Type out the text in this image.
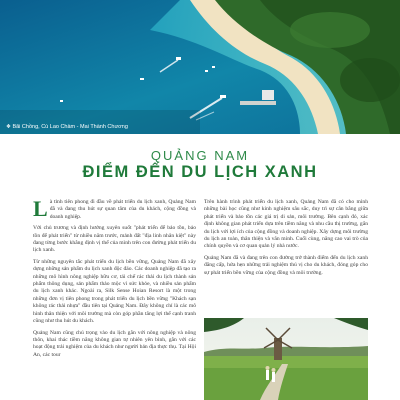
❖ Bãi Chồng, Cù Lao Chàm - Mai Thành Chương
QUẢNG NAM
ĐIỂM ĐẾN DU LỊCH XANH

Là tỉnh tiên phong đi đầu về phát triển du lịch xanh, Quảng Nam đã và đang thu hút sự quan tâm của du khách, cộng đồng và doanh nghiệp.

Với chủ trương và định hướng xuyên suốt "phát triển để bảo tồn, bảo tồn để phát triển" từ nhiều năm trước, mảnh đất "địa linh nhân kiệt" này đang từng bước khẳng định vị thế của mình trên con đường phát triển du lịch xanh.

Từ những nguyên tắc phát triển du lịch bền vững, Quảng Nam đã xây dựng những sản phẩm du lịch xanh độc đáo. Các doanh nghiệp đã tạo ra những mô hình nông nghiệp hữu cơ, tái chế rác thải du lịch thành sản phẩm thông dụng, sản phẩm thảo mộc vì sức khỏe, và nhiều sản phẩm du lịch xanh khác. Ngoài ra, Silk Sense Hoian Resort là một trong những đơn vị tiên phong trong phát triển du lịch bền vững "Khách sạn không rác thải nhựa" đầu tiên tại Quảng Nam. Đây không chỉ là các mô hình thân thiện với môi trường mà còn góp phần tăng lợi thế cạnh tranh cũng như thu hút du khách.

Quảng Nam cũng chú trọng vào du lịch gắn với nông nghiệp và nông thôn, khai thác tiềm năng không gian tự nhiên yên bình, gắn với các hoạt động trải nghiệm của du khách như người bản địa thực thụ. Tại Hội An, các tour

Trên hành trình phát triển du lịch xanh, Quảng Nam đã có cho mình những bài học cũng như kinh nghiệm sâu sắc, duy trì sự cân bằng giữa phát triển và bảo tồn các giá trị di sản, môi trường. Bên cạnh đó, xác định không gian phát triển dựa trên tiềm năng và nhu cầu thị trường, gắn du lịch với lợi ích của cộng đồng và doanh nghiệp. Xây dựng môi trường du lịch an toàn, thân thiện và văn minh. Cuối cùng, năng cao vai trò của chính quyền và cơ quan quản lý nhà nước.

Quảng Nam đã và đang trên con đường trở thành điểm đến du lịch xanh đẳng cấp, hứa hẹn những trải nghiệm thú vị cho du khách, đóng góp cho sự phát triển bền vững của cộng đồng và môi trường.
